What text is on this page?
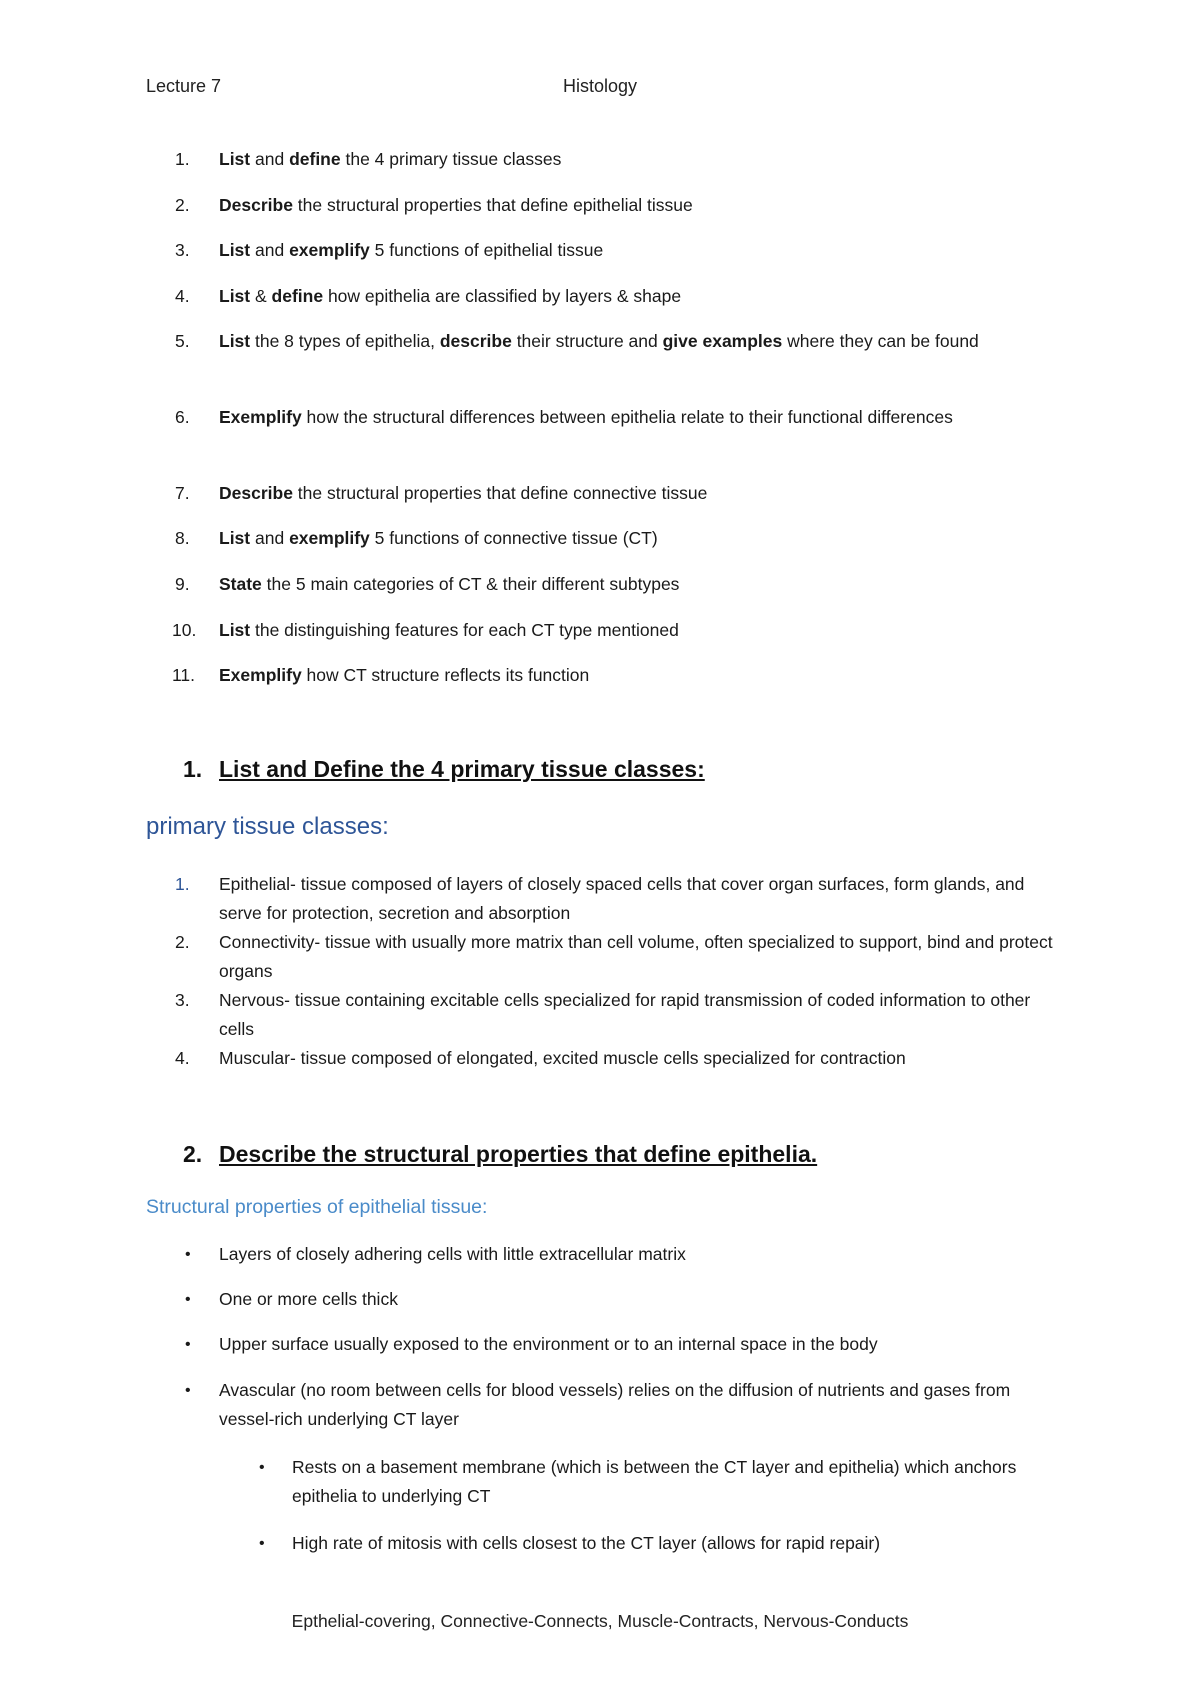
Lecture 7	Histology
1.	List and define the 4 primary tissue classes
2.	Describe the structural properties that define epithelial tissue
3.	List and exemplify 5 functions of epithelial tissue
4.	List & define how epithelia are classified by layers & shape
5.	List the 8 types of epithelia, describe their structure and give examples where they can be found
6.	Exemplify how the structural differences between epithelia relate to their functional differences
7.	Describe the structural properties that define connective tissue
8.	List and exemplify 5 functions of connective tissue (CT)
9.	State the 5 main categories of CT & their different subtypes
10.	List the distinguishing features for each CT type mentioned
11.	Exemplify how CT structure reflects its function
1. List and Define the 4 primary tissue classes:
primary tissue classes:
1.	Epithelial- tissue composed of layers of closely spaced cells that cover organ surfaces, form glands, and serve for protection, secretion and absorption
2.	Connectivity- tissue with usually more matrix than cell volume, often specialized to support, bind and protect organs
3.	Nervous- tissue containing excitable cells specialized for rapid transmission of coded information to other cells
4.	Muscular- tissue composed of elongated, excited muscle cells specialized for contraction
2. Describe the structural properties that define epithelia.
Structural properties of epithelial tissue:
• Layers of closely adhering cells with little extracellular matrix
• One or more cells thick
• Upper surface usually exposed to the environment or to an internal space in the body
• Avascular (no room between cells for blood vessels) relies on the diffusion of nutrients and gases from vessel-rich underlying CT layer
• Rests on a basement membrane (which is between the CT layer and epithelia) which anchors epithelia to underlying CT
• High rate of mitosis with cells closest to the CT layer (allows for rapid repair)
Epthelial-covering, Connective-Connects, Muscle-Contracts, Nervous-Conducts
